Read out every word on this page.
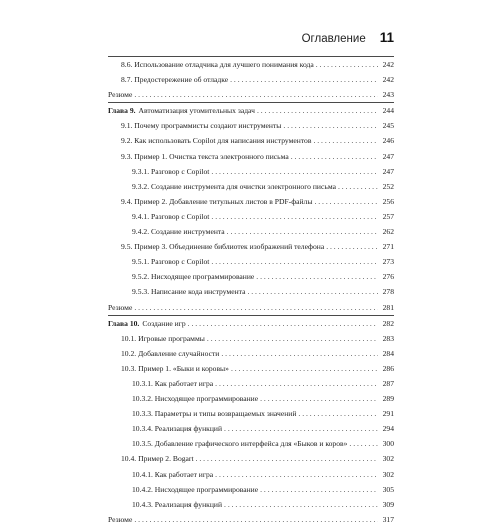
Оглавление 11
8.6. Использование отладчика для лучшего понимания кода . . .	242
8.7. Предостережение об отладке . . .	242
Резюме . . .	243
Глава 9. Автоматизация утомительных задач . . .	244
9.1. Почему программисты создают инструменты . . .	245
9.2. Как использовать Copilot для написания инструментов . . .	246
9.3. Пример 1. Очистка текста электронного письма . . .	247
9.3.1. Разговор с Copilot . . .	247
9.3.2. Создание инструмента для очистки электронного письма . . .	252
9.4. Пример 2. Добавление титульных листов в PDF-файлы . . .	256
9.4.1. Разговор с Copilot . . .	257
9.4.2. Создание инструмента . . .	262
9.5. Пример 3. Объединение библиотек изображений телефона . . .	271
9.5.1. Разговор с Copilot . . .	273
9.5.2. Нисходящее программирование . . .	276
9.5.3. Написание кода инструмента . . .	278
Резюме . . .	281
Глава 10. Создание игр . . .	282
10.1. Игровые программы . . .	283
10.2. Добавление случайности . . .	284
10.3. Пример 1. «Быки и коровы» . . .	286
10.3.1. Как работает игра . . .	287
10.3.2. Нисходящее программирование . . .	289
10.3.3. Параметры и типы возвращаемых значений . . .	291
10.3.4. Реализация функций . . .	294
10.3.5. Добавление графического интерфейса для «Быков и коров» . . .	300
10.4. Пример 2. Bogart . . .	302
10.4.1. Как работает игра . . .	302
10.4.2. Нисходящее программирование . . .	305
10.4.3. Реализация функций . . .	309
Резюме . . .	317
